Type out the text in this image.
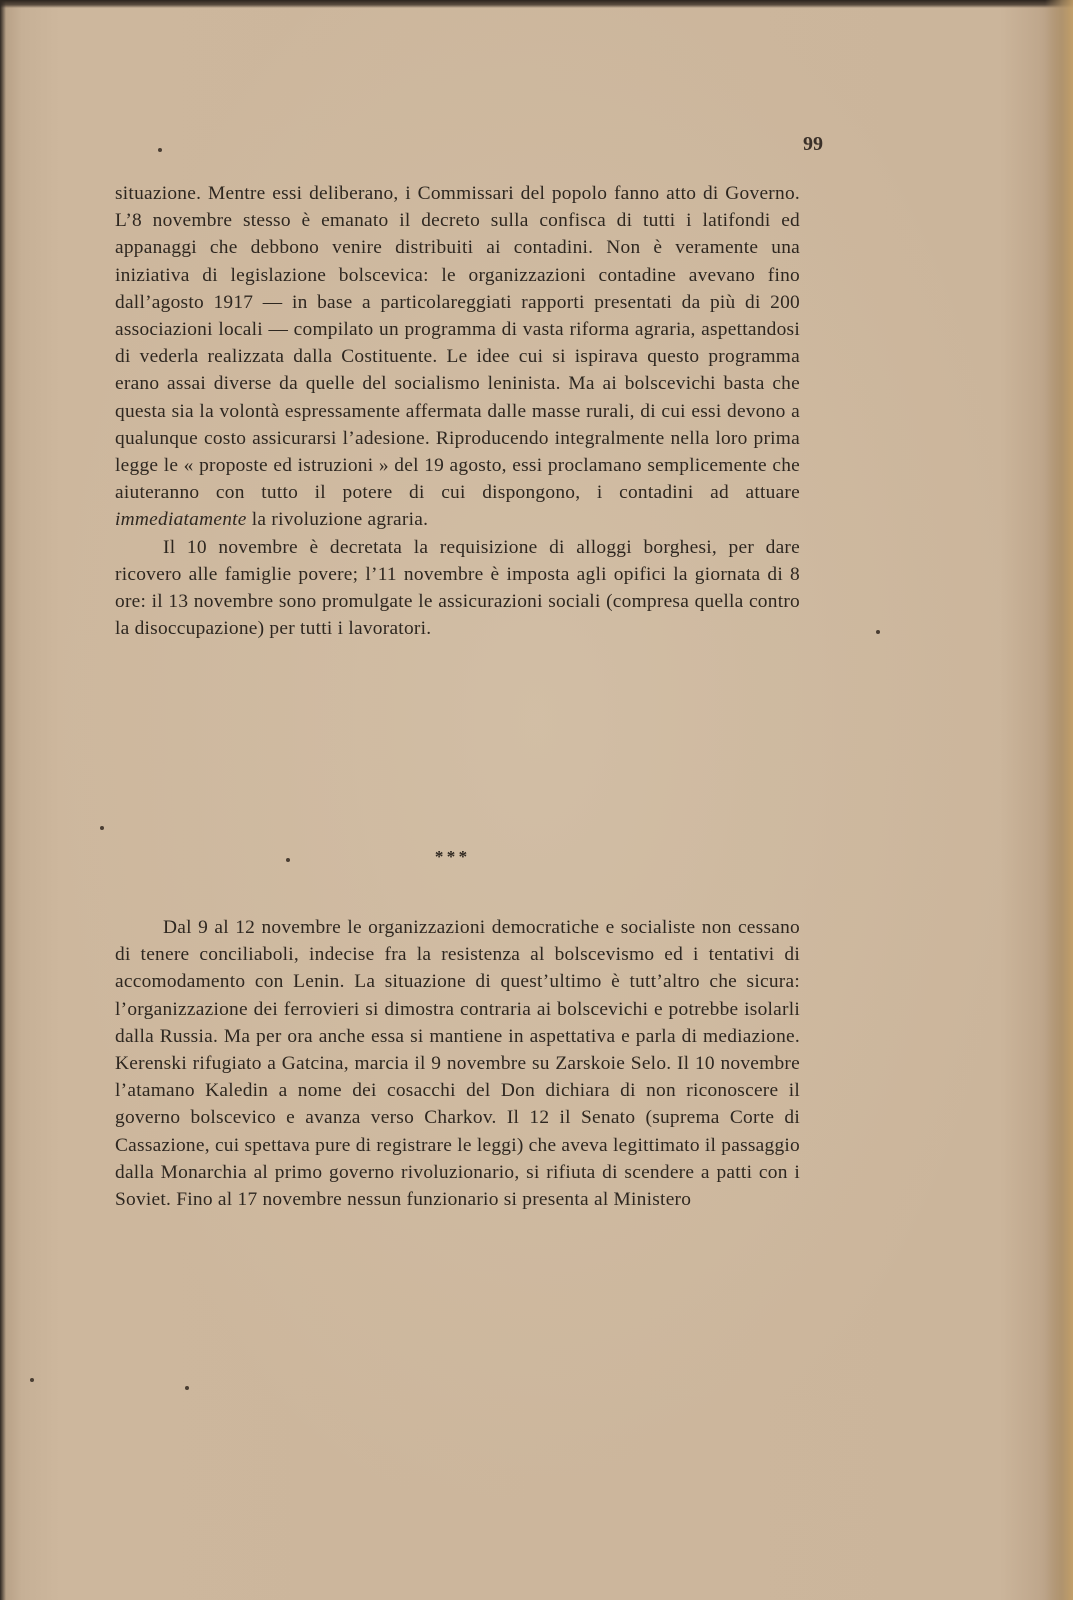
99

situazione. Mentre essi deliberano, i Commissari del popolo fanno atto di Governo. L’8 novembre stesso è emanato il decreto sulla confisca di tutti i latifondi ed appanaggi che debbono venire distribuiti ai contadini. Non è veramente una iniziativa di legislazione bolscevica: le organizzazioni contadine avevano fino dall’agosto 1917 — in base a particolareggiati rapporti presentati da più di 200 associazioni locali — compilato un programma di vasta riforma agraria, aspettandosi di vederla realizzata dalla Costituente. Le idee cui si ispirava questo programma erano assai diverse da quelle del socialismo leninista. Ma ai bolscevichi basta che questa sia la volontà espressamente affermata dalle masse rurali, di cui essi devono a qualunque costo assicurarsi l’adesione. Riproducendo integralmente nella loro prima legge le « proposte ed istruzioni » del 19 agosto, essi proclamano semplicemente che aiuteranno con tutto il potere di cui dispongono, i contadini ad attuare immediatamente la rivoluzione agraria.

Il 10 novembre è decretata la requisizione di alloggi borghesi, per dare ricovero alle famiglie povere; l’11 novembre è imposta agli opifici la giornata di 8 ore: il 13 novembre sono promulgate le assicurazioni sociali (compresa quella contro la disoccupazione) per tutti i lavoratori.

* * *

Dal 9 al 12 novembre le organizzazioni democratiche e socialiste non cessano di tenere conciliaboli, indecise fra la resistenza al bolscevismo ed i tentativi di accomodamento con Lenin. La situazione di quest’ultimo è tutt’altro che sicura: l’organizzazione dei ferrovieri si dimostra contraria ai bolscevichi e potrebbe isolarli dalla Russia. Ma per ora anche essa si mantiene in aspettativa e parla di mediazione. Kerenski rifugiato a Gatcina, marcia il 9 novembre su Zarskoie Selo. Il 10 novembre l’atamano Kaledin a nome dei cosacchi del Don dichiara di non riconoscere il governo bolscevico e avanza verso Charkov. Il 12 il Senato (suprema Corte di Cassazione, cui spettava pure di registrare le leggi) che aveva legittimato il passaggio dalla Monarchia al primo governo rivoluzionario, si rifiuta di scendere a patti con i Soviet. Fino al 17 novembre nessun funzionario si presenta al Ministero
